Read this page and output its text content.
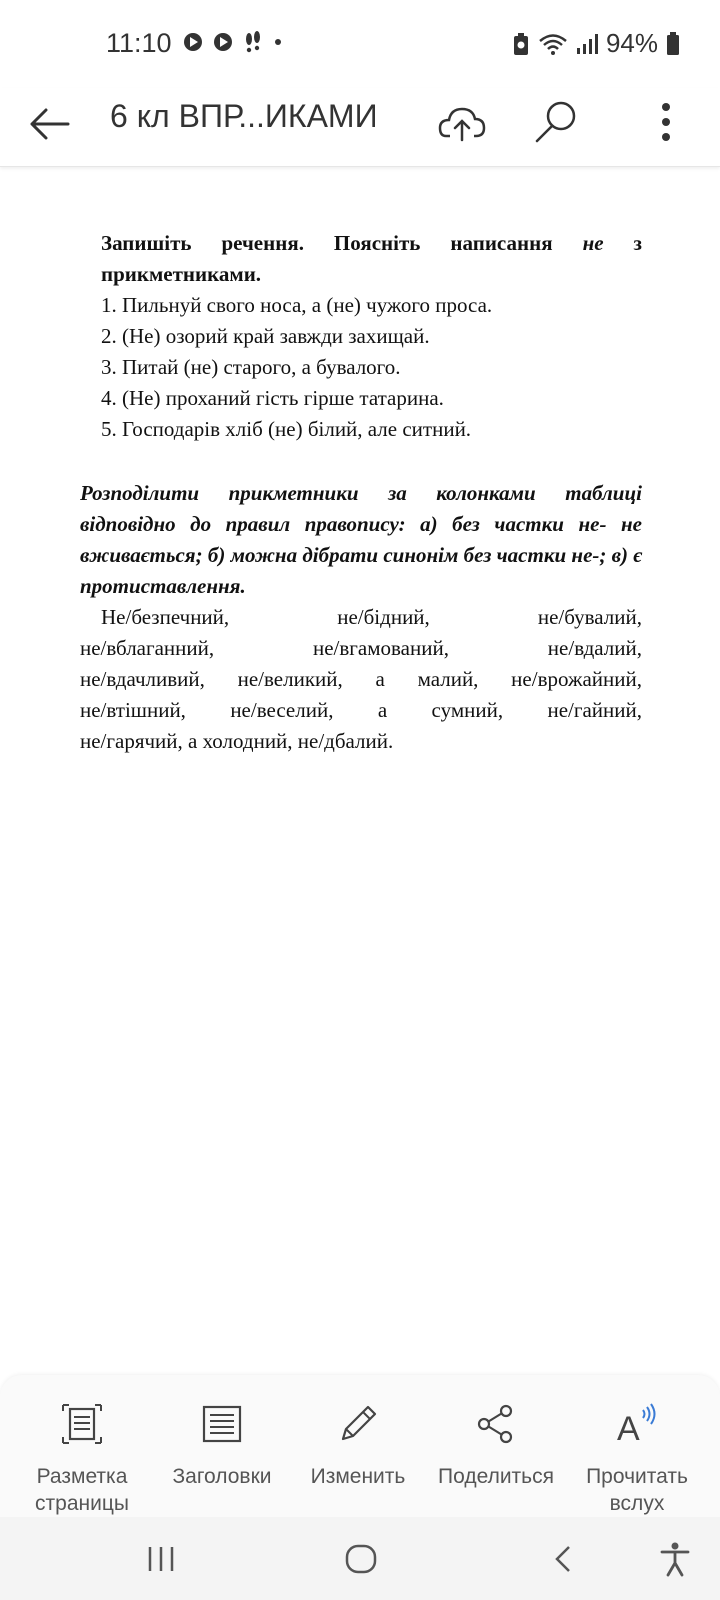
11:10	94%
6 кл ВПР...ИКАМИ

Запишіть речення. Поясніть написання не з прикметниками.

1. Пильнуй свого носа, а (не) чужого проса.

2. (Не) озорий край завжди захищай.

3. Питай (не) старого, а бувалого.

4. (Не) проханий гість гірше татарина.

5. Господарів хліб (не) білий, але ситний.

Розподілити прикметники за колонками таблиці відповідно до правил правопису: а) без частки не- не вживається; б) можна дібрати синонім без частки не-; в) є протиставлення.

Не/безпечний, не/бідний, не/бувалий,

не/вблаганний, не/вгамований, не/вдалий,

не/вдачливий, не/великий, а малий, не/врожайний,

не/втішний, не/веселий, а сумний, не/гайний,

не/гарячий, а холодний, не/дбалий.

Разметка
страницы
Заголовки Изменить Поделиться
A
Прочитать
вслух
